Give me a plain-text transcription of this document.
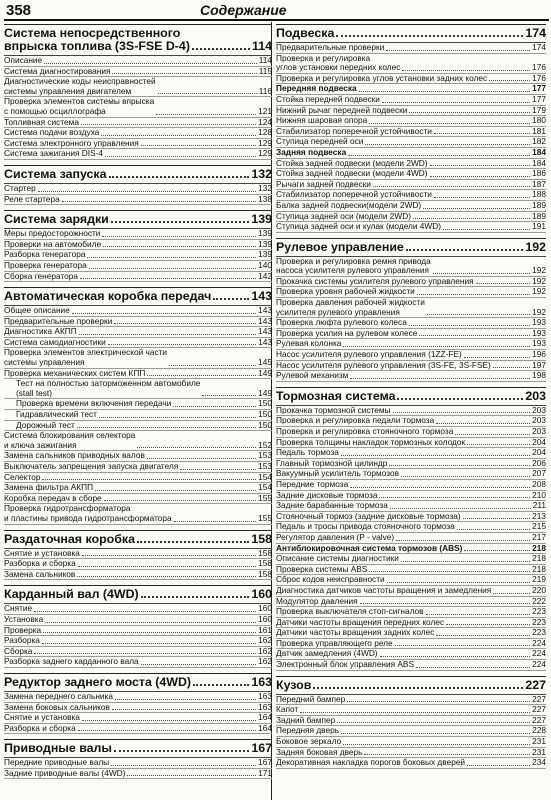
358	Содержание
Система непосредственного
впрыска топлива (3S-FSE D-4)	114
Описание	114
Система диагностирования	115
Диагностические коды неисправностей
системы управления двигателем	116
Проверка элементов системы впрыска
с помощью осциллографа	121
Топливная система	124
Система подачи воздуха	128
Система электронного управления	129
Система зажигания DIS-4	129
Система запуска	132
Стартер	132
Реле стартера	138
Система зарядки	139
Меры предосторожности	139
Проверки на автомобиле	139
Разборка генератора	139
Проверка генератора	140
Сборка генератора	142
Автоматическая коробка передач	143
Общее описание	143
Предварительные проверки	143
Диагностика АКПП	143
Система самодиагностики	143
Проверка элементов электрической части
системы управления	145
Проверка механических систем КПП	149
Тест на полностью заторможенном автомобиле
(stall test)	149
Проверка времени включения передачи	150
Гидравлический тест	150
Дорожный тест	150
Система блокирования селектора
и ключа зажигания	152
Замена сальников приводных валов	153
Выключатель запрещения запуска двигателя	153
Селектор	154
Замена фильтра АКПП	154
Коробка передач в сборе	155
Проверка гидротрансформатора
и пластины привода гидротрансформатора	155
Раздаточная коробка	158
Снятие и установка	158
Разборка и сборка	158
Замена сальников	158
Карданный вал (4WD)	160
Снятие	160
Установка	160
Проверка	161
Разборка	162
Сборка	162
Разборка заднего карданного вала	162
Редуктор заднего моста (4WD)	163
Замена переднего сальника	163
Замена боковых сальников	163
Снятие и установка	164
Разборка и сборка	164
Приводные валы	167
Передние приводные валы	167
Задние приводные валы (4WD)	171
Подвеска	174
Предварительные проверки	174
Проверка и регулировка
углов установки передних колес	176
Проверка и регулировка углов установки задних колес	176
Передняя подвеска	177
Стойка передней подвески	177
Нижний рычаг передней подвески	179
Нижняя шаровая опора	180
Стабилизатор поперечной устойчивости	181
Ступица передней оси	182
Задняя подвеска	184
Стойка задней подвески (модели 2WD)	184
Стойка задней подвески (модели 4WD)	186
Рычаги задней подвески	187
Стабилизатор поперечной устойчивости	188
Балка задней подвески(модели 2WD)	189
Ступица задней оси (модели 2WD)	189
Ступица задней оси и кулак (модели 4WD)	191
Рулевое управление	192
Проверка и регулировка ремня привода
насоса усилителя рулевого управления	192
Прокачка системы усилителя рулевого управления	192
Проверка уровня рабочей жидкости	192
Проверка давления рабочей жидкости
усилителя рулевого управления	192
Проверка люфта рулевого колеса	193
Проверка усилия на рулевом колесе	193
Рулевая колонка	193
Насос усилителя рулевого управления (1ZZ-FE)	196
Насос усилителя рулевого управления (3S-FE, 3S-FSE)	197
Рулевой механизм	198
Тормозная система	203
Прокачка тормозной системы	203
Проверка и регулировка педали тормоза	203
Проверка и регулировка стояночного тормоза	203
Проверка толщины накладок тормозных колодок	204
Педаль тормоза	204
Главный тормозной цилиндр	206
Вакуумный усилитель тормозов	207
Передние тормоза	208
Задние дисковые тормоза	210
Задние барабанные тормоза	211
Стояночный тормоз (задние дисковые тормоза)	213
Педаль и тросы привода стояночного тормоза	215
Регулятор давления (P - valve)	217
Антиблокировочная система тормозов (ABS)	218
Описание системы диагностики	218
Проверка системы ABS	218
Сброс кодов неисправности	219
Диагностика датчиков частоты вращения и замедления	220
Модулятор давления	222
Проверка выключателя стоп-сигналов	223
Датчики частоты вращения передних колес	223
Датчики частоты вращения задних колес	223
Проверка управляющего реле	224
Датчик замедления (4WD)	224
Электронный блок управления ABS	224
Кузов	227
Передний бампер	227
Капот	227
Задний бампер	227
Передняя дверь	228
Боковое зеркало	231
Задняя боковая дверь	231
Декоративная накладка порогов боковых дверей	234
